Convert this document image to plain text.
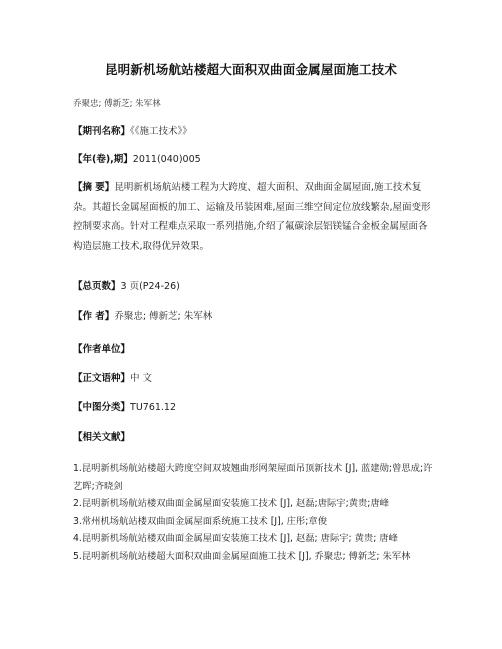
昆明新机场航站楼超大面积双曲面金属屋面施工技术
乔聚忠; 傅新芝; 朱军林
【期刊名称】《《施工技术》》
【年(卷),期】2011(040)005
【摘 要】昆明新机场航站楼工程为大跨度、超大面积、双曲面金属屋面,施工技术复杂。其超长金属屋面板的加工、运输及吊装困难,屋面三维空间定位放线繁杂,屋面变形控制要求高。针对工程难点采取一系列措施,介绍了氟碳涂层铝镁锰合金板金属屋面各构造层施工技术,取得优异效果。
【总页数】3 页(P24-26)
【作 者】乔聚忠; 傅新芝; 朱军林
【作者单位】
【正文语种】中 文
【中图分类】TU761.12
【相关文献】
1.昆明新机场航站楼超大跨度空间双坡翘曲形网架屋面吊顶新技术 [J], 蓝建勋;曾思成;许艺晖;齐晓剑
2.昆明新机场航站楼双曲面金属屋面安装施工技术 [J], 赵磊;唐际宇;黄贵;唐峰
3.常州机场航站楼双曲面金属屋面系统施工技术 [J], 庄彤;章俊
4.昆明新机场航站楼双曲面金属屋面安装施工技术 [J], 赵磊; 唐际宇; 黄贵; 唐峰
5.昆明新机场航站楼超大面积双曲面金属屋面施工技术 [J], 乔聚忠; 傅新芝; 朱军林
